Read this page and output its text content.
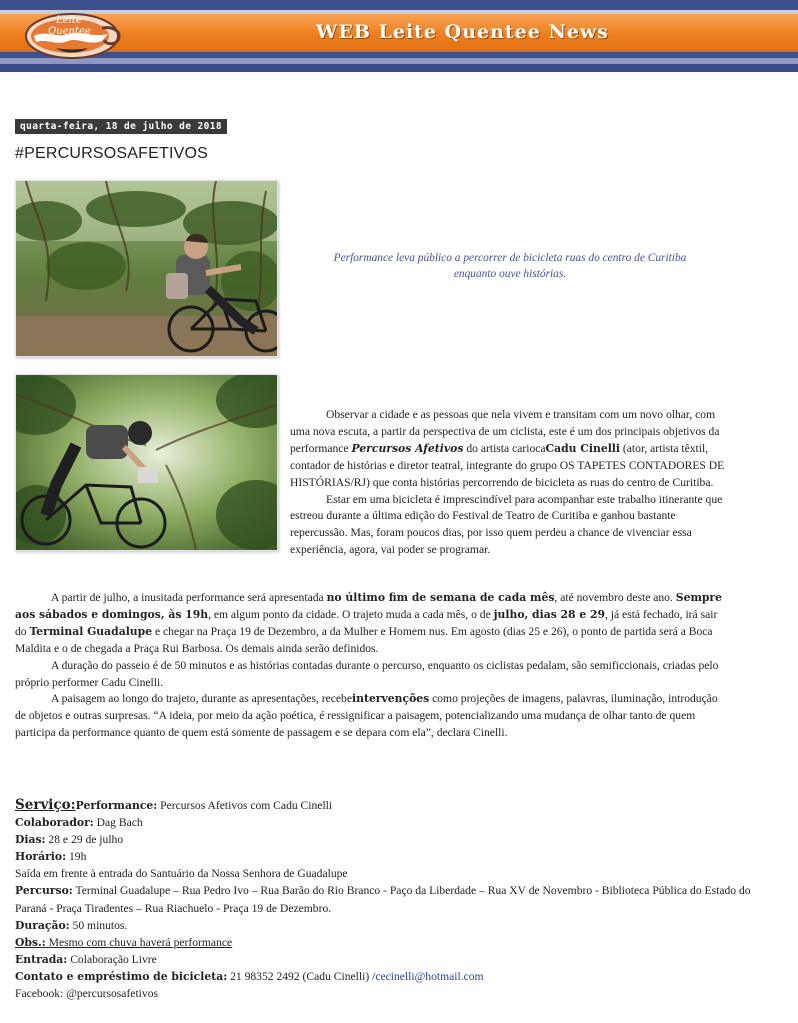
Leite
Quentee	WEB Leite Quentee News
quarta-feira, 18 de julho de 2018
#PERCURSOSAFETIVOS
Performance leva público a percorrer de bicicleta ruas do centro de Curitiba
enquanto ouve histórias.

Observar a cidade e as pessoas que nela vivem e transitam com um novo olhar, com uma nova escuta, a partir da perspectiva de um ciclista, este é um dos principais objetivos da performance Percursos Afetivos do artista cariocaCadu Cinelli (ator, artista têxtil, contador de histórias e diretor teatral, integrante do grupo OS TAPETES CONTADORES DE HISTÓRIAS/RJ) que conta histórias percorrendo de bicicleta as ruas do centro de Curitiba.

Estar em uma bicicleta é imprescindível para acompanhar este trabalho itinerante que estreou durante a última edição do Festival de Teatro de Curitiba e ganhou bastante repercussão. Mas, foram poucos dias, por isso quem perdeu a chance de vivenciar essa experiência, agora, vai poder se programar.

A partir de julho, a inusitada performance será apresentada no último fim de semana de cada mês, até novembro deste ano. Sempre aos sábados e domingos, às 19h, em algum ponto da cidade. O trajeto muda a cada mês, o de julho, dias 28 e 29, já está fechado, irá sair do Terminal Guadalupe e chegar na Praça 19 de Dezembro, a da Mulher e Homem nus. Em agosto (dias 25 e 26), o ponto de partida será a Boca Maldita e o de chegada a Praça Rui Barbosa. Os demais ainda serão definidos.

A duração do passeio é de 50 minutos e as histórias contadas durante o percurso, enquanto os ciclistas pedalam, são semificcionais, criadas pelo próprio performer Cadu Cinelli.

A paisagem ao longo do trajeto, durante as apresentações, recebeintervenções como projeções de imagens, palavras, iluminação, introdução de objetos e outras surpresas. “A ideia, por meio da ação poética, é ressignificar a paisagem, potencializando uma mudança de olhar tanto de quem participa da performance quanto de quem está somente de passagem e se depara com ela”, declara Cinelli.

Serviço:Performance: Percursos Afetivos com Cadu Cinelli
Colaborador: Dag Bach
Dias: 28 e 29 de julho
Horário: 19h
Saída em frente à entrada do Santuário da Nossa Senhora de Guadalupe
Percurso: Terminal Guadalupe – Rua Pedro Ivo – Rua Barão do Rio Branco - Paço da Liberdade – Rua XV de Novembro - Biblioteca Pública do Estado do Paraná - Praça Tiradentes – Rua Riachuelo - Praça 19 de Dezembro.
Duração: 50 minutos.
Obs.: Mesmo com chuva haverá performance
Entrada: Colaboração Livre
Contato e empréstimo de bicicleta: 21 98352 2492 (Cadu Cinelli) /cecinelli@hotmail.com
Facebook: @percursosafetivos
